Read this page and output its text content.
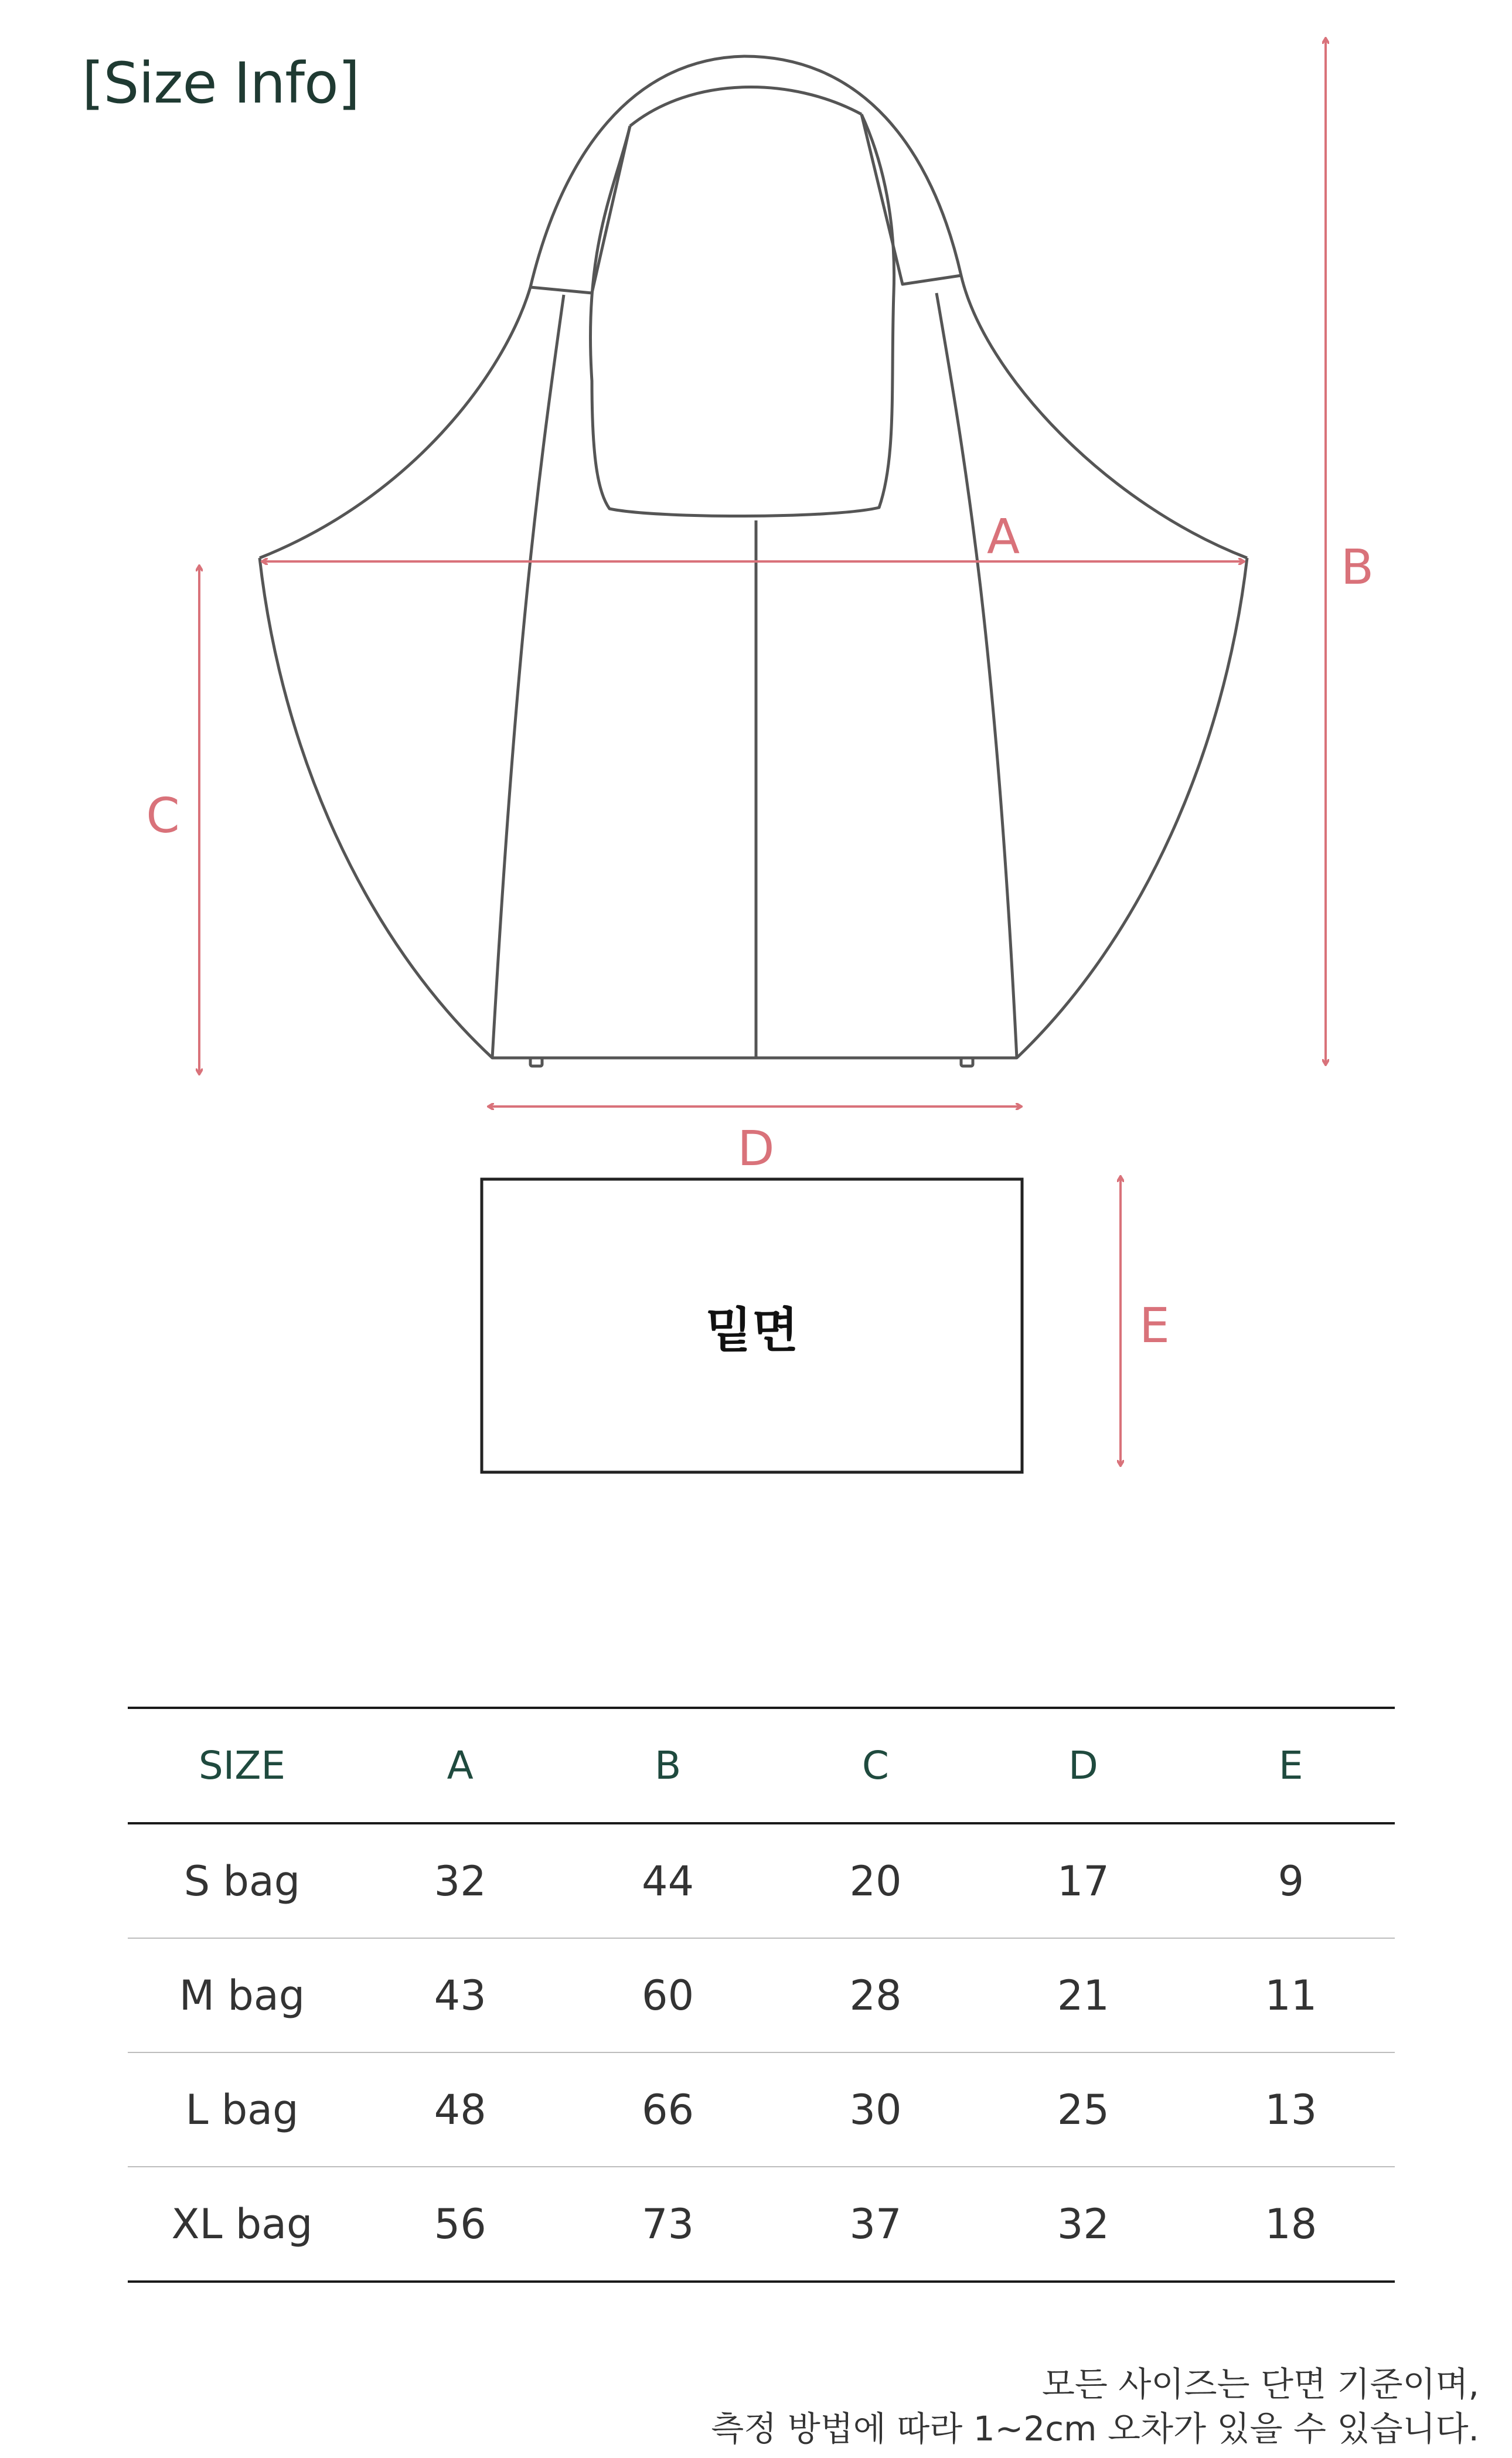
[Size Info]
A
B
C
D
E
밑면
SIZE	A	B	C	D	E
S bag	32	44	20	17	9
M bag	43	60	28	21	11
L bag	48	66	30	25	13
XL bag	56	73	37	32	18
모든 사이즈는 단면 기준이며,
측정 방법에 따라 1~2cm 오차가 있을 수 있습니다.
